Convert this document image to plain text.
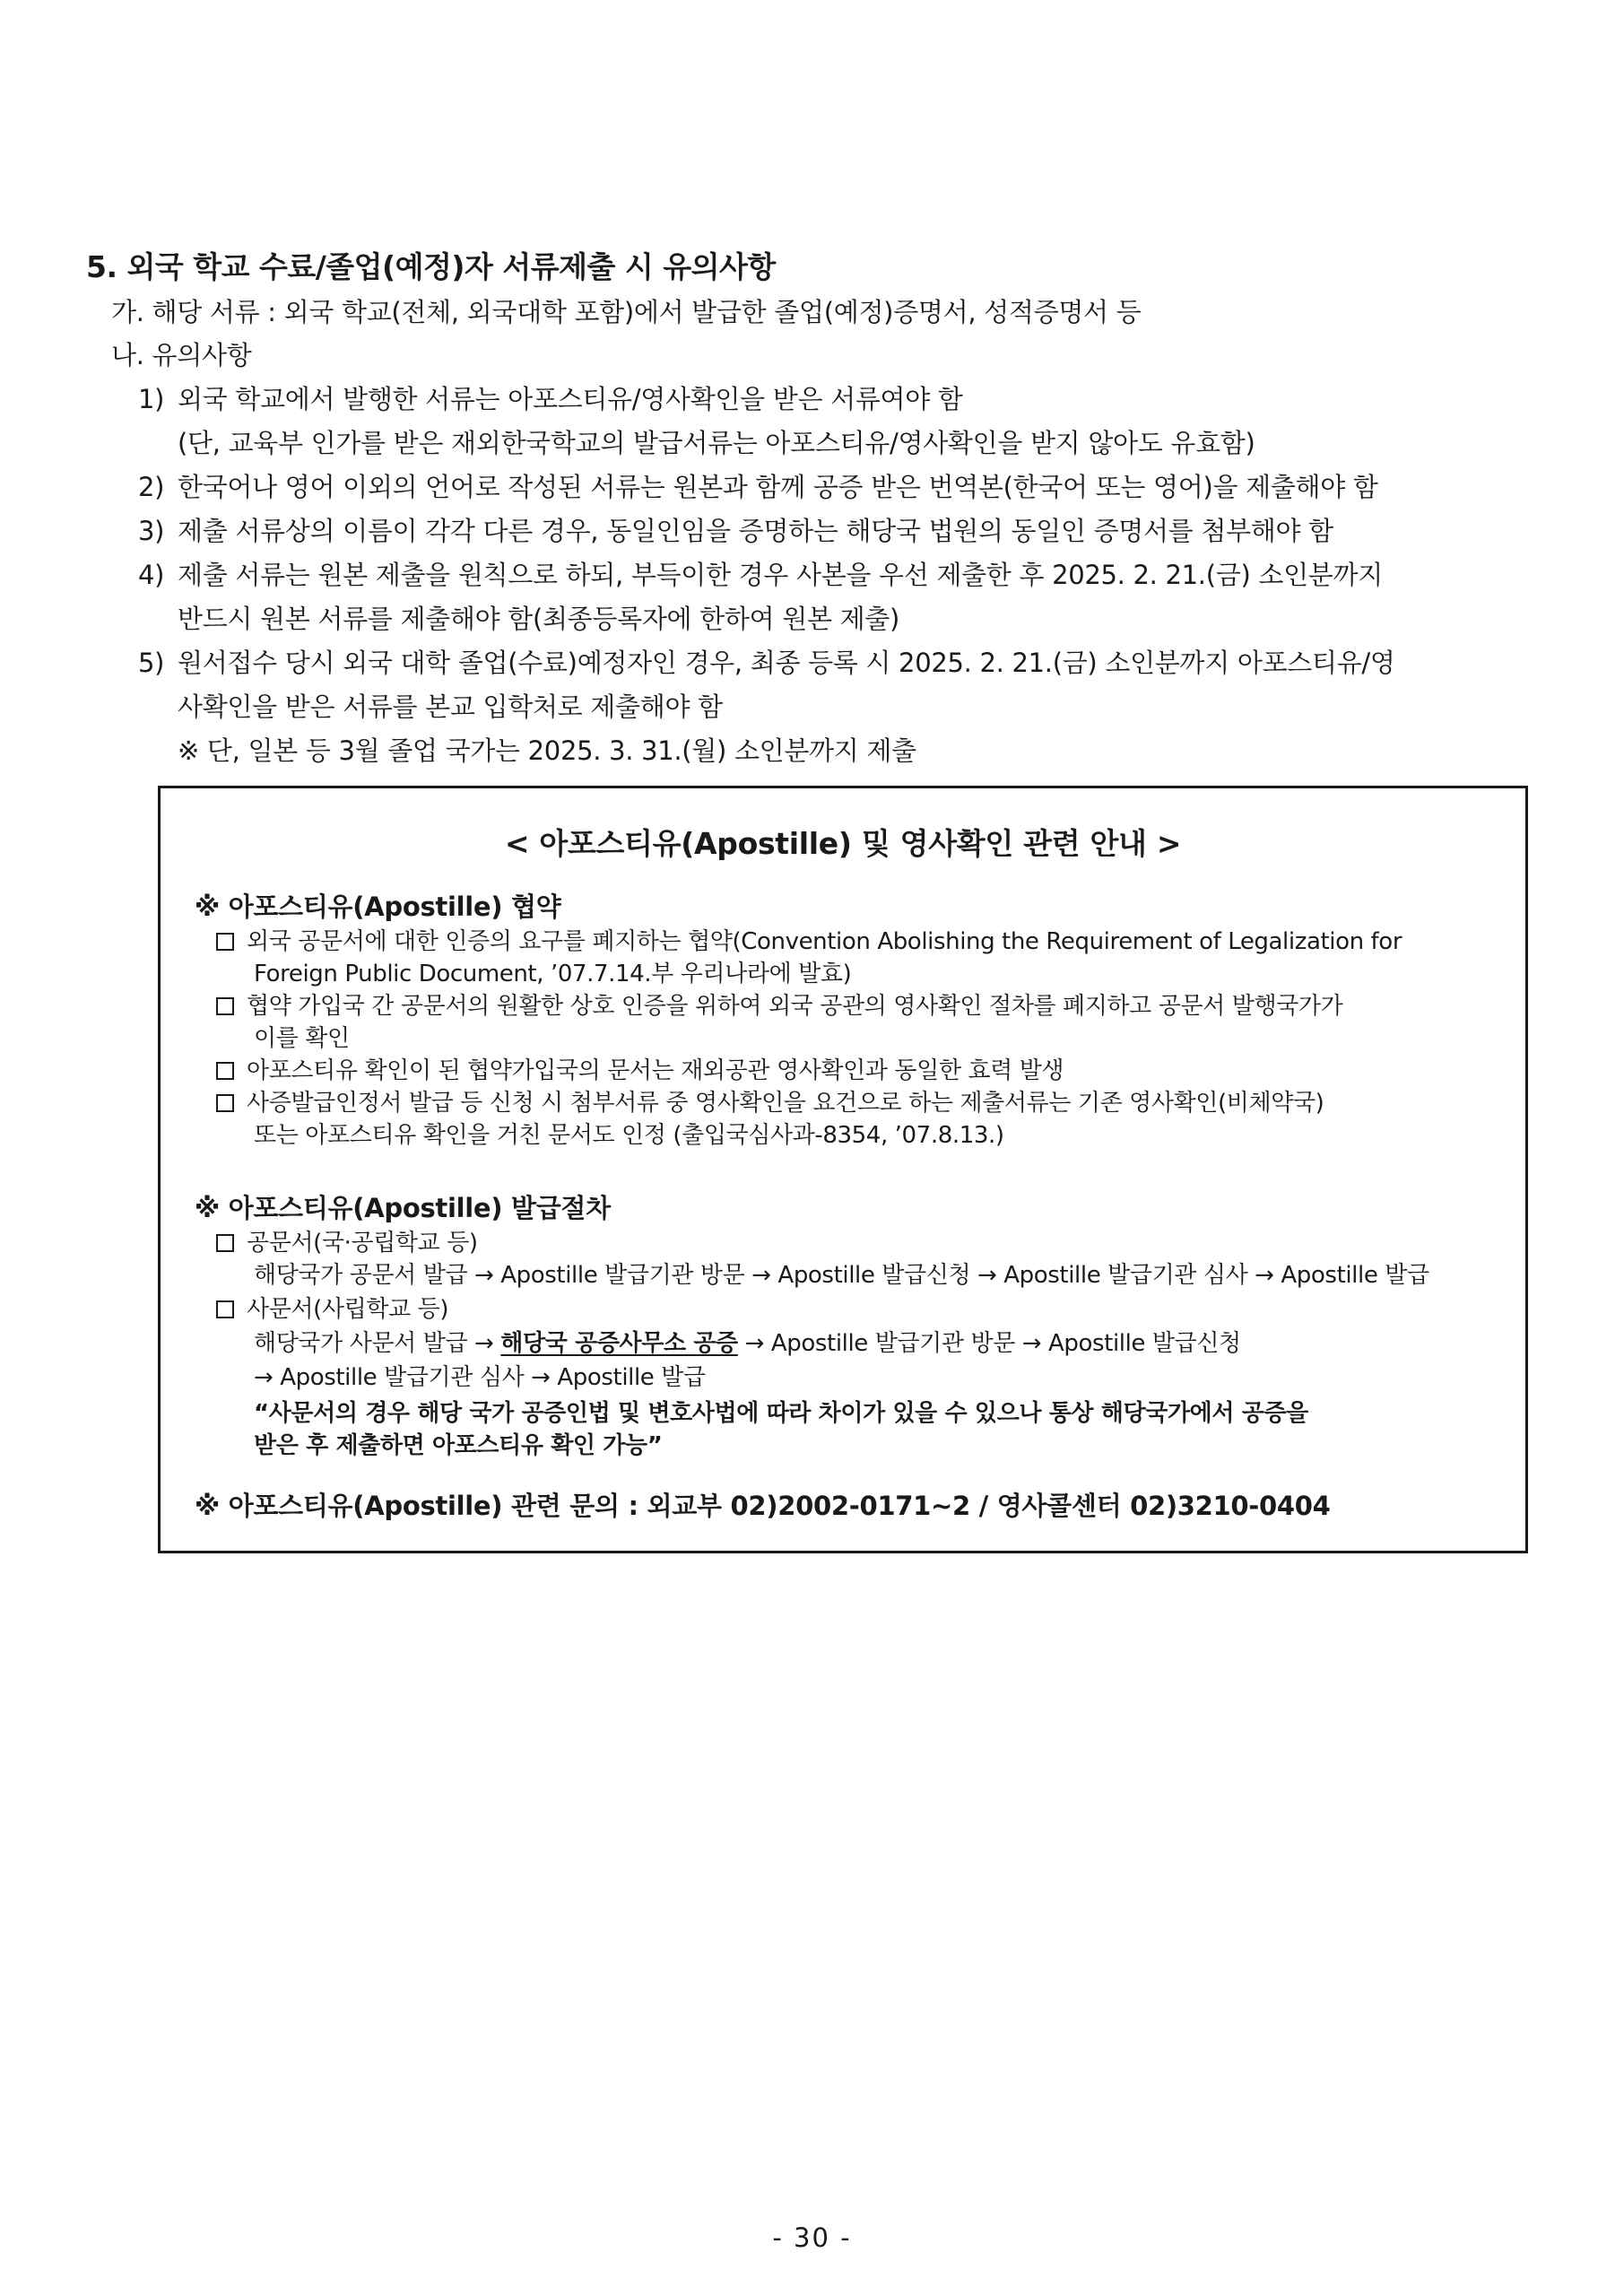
5. 외국 학교 수료/졸업(예정)자 서류제출 시 유의사항
가. 해당 서류 : 외국 학교(전체, 외국대학 포함)에서 발급한 졸업(예정)증명서, 성적증명서 등
나. 유의사항
1) 외국 학교에서 발행한 서류는 아포스티유/영사확인을 받은 서류여야 함
(단, 교육부 인가를 받은 재외한국학교의 발급서류는 아포스티유/영사확인을 받지 않아도 유효함)
2) 한국어나 영어 이외의 언어로 작성된 서류는 원본과 함께 공증 받은 번역본(한국어 또는 영어)을 제출해야 함
3) 제출 서류상의 이름이 각각 다른 경우, 동일인임을 증명하는 해당국 법원의 동일인 증명서를 첨부해야 함
4) 제출 서류는 원본 제출을 원칙으로 하되, 부득이한 경우 사본을 우선 제출한 후 2025. 2. 21.(금) 소인분까지
반드시 원본 서류를 제출해야 함(최종등록자에 한하여 원본 제출)
5) 원서접수 당시 외국 대학 졸업(수료)예정자인 경우, 최종 등록 시 2025. 2. 21.(금) 소인분까지 아포스티유/영
사확인을 받은 서류를 본교 입학처로 제출해야 함
※ 단, 일본 등 3월 졸업 국가는 2025. 3. 31.(월) 소인분까지 제출
< 아포스티유(Apostille) 및 영사확인 관련 안내 >
※ 아포스티유(Apostille) 협약
외국 공문서에 대한 인증의 요구를 폐지하는 협약(Convention Abolishing the Requirement of Legalization for
Foreign Public Document, ’07.7.14.부 우리나라에 발효)
협약 가입국 간 공문서의 원활한 상호 인증을 위하여 외국 공관의 영사확인 절차를 폐지하고 공문서 발행국가가
이를 확인
아포스티유 확인이 된 협약가입국의 문서는 재외공관 영사확인과 동일한 효력 발생
사증발급인정서 발급 등 신청 시 첨부서류 중 영사확인을 요건으로 하는 제출서류는 기존 영사확인(비체약국)
또는 아포스티유 확인을 거친 문서도 인정 (출입국심사과-8354, ’07.8.13.)
※ 아포스티유(Apostille) 발급절차
공문서(국·공립학교 등)
해당국가 공문서 발급 → Apostille 발급기관 방문 → Apostille 발급신청 → Apostille 발급기관 심사 → Apostille 발급
사문서(사립학교 등)
해당국가 사문서 발급 → 해당국 공증사무소 공증 → Apostille 발급기관 방문 → Apostille 발급신청
→ Apostille 발급기관 심사 → Apostille 발급
“사문서의 경우 해당 국가 공증인법 및 변호사법에 따라 차이가 있을 수 있으나 통상 해당국가에서 공증을
받은 후 제출하면 아포스티유 확인 가능”
※ 아포스티유(Apostille) 관련 문의 : 외교부 02)2002-0171~2 / 영사콜센터 02)3210-0404
- 30 -
